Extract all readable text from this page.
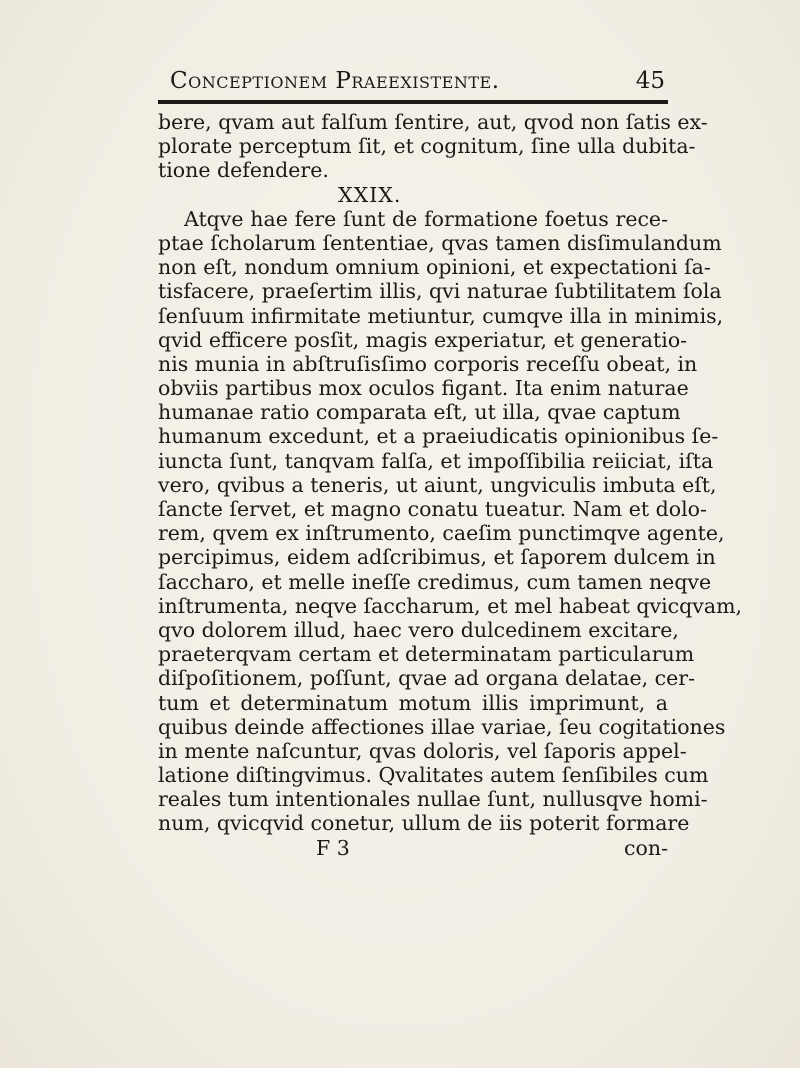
Conceptionem Praeexistente.	45
bere, qvam aut falſum ſentire, aut, qvod non ſatis ex-
plorate perceptum ſit, et cognitum, ſine ulla dubita-
tione defendere.
XXIX.
Atqve hae fere ſunt de formatione foetus rece-
ptae ſcholarum ſententiae, qvas tamen disſimulandum
non eſt, nondum omnium opinioni, et expectationi ſa-
tisfacere, praeſertim illis, qvi naturae ſubtilitatem ſola
ſenſuum infirmitate metiuntur, cumqve illa in minimis,
qvid efficere posſit, magis experiatur, et generatio-
nis munia in abſtruſisſimo corporis receſſu obeat, in
obviis partibus mox oculos figant. Ita enim naturae
humanae ratio comparata eſt, ut illa, qvae captum
humanum excedunt, et a praeiudicatis opinionibus ſe-
iuncta ſunt, tanqvam falſa, et impoſſibilia reiiciat, iſta
vero, qvibus a teneris, ut aiunt, ungviculis imbuta eſt,
ſancte ſervet, et magno conatu tueatur. Nam et dolo-
rem, qvem ex inſtrumento, caeſim punctimqve agente,
percipimus, eidem adſcribimus, et ſaporem dulcem in
ſaccharo, et melle ineſſe credimus, cum tamen neqve
inſtrumenta, neqve ſaccharum, et mel habeat qvicqvam,
qvo dolorem illud, haec vero dulcedinem excitare,
praeterqvam certam et determinatam particularum
diſpoſitionem, poſſunt, qvae ad organa delatae, cer-
tum et determinatum motum illis imprimunt, a
quibus deinde affectiones illae variae, ſeu cogitationes
in mente naſcuntur, qvas doloris, vel ſaporis appel-
latione diſtingvimus. Qvalitates autem ſenſibiles cum
reales tum intentionales nullae ſunt, nullusqve homi-
num, qvicqvid conetur, ullum de iis poterit formare
F 3	con-
